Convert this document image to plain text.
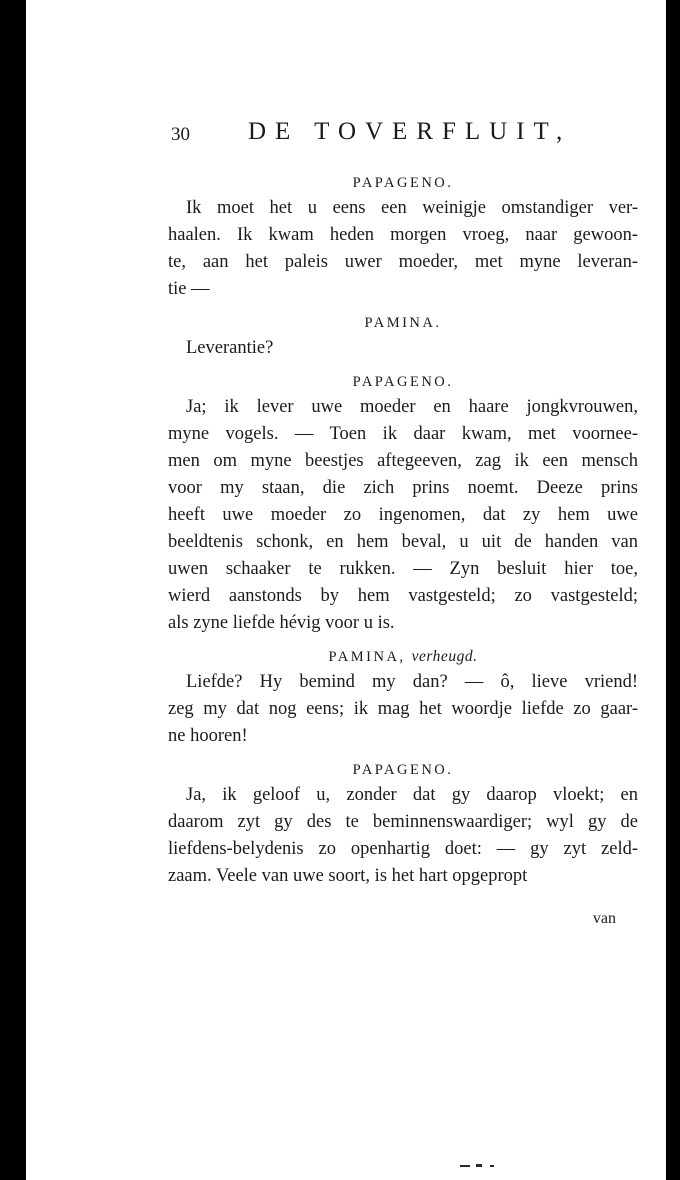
30 DE TOVERFLUIT,
PAPAGENO.
Ik moet het u eens een weinigje omstandiger ver-
haalen. Ik kwam heden morgen vroeg, naar gewoon-
te, aan het paleis uwer moeder, met myne leveran-
tie —
PAMINA.
Leverantie?
PAPAGENO.
Ja; ik lever uwe moeder en haare jongkvrouwen,
myne vogels. — Toen ik daar kwam, met voornee-
men om myne beestjes aftegeeven, zag ik een mensch
voor my staan, die zich prins noemt. Deeze prins
heeft uwe moeder zo ingenomen, dat zy hem uwe
beeldtenis schonk, en hem beval, u uit de handen van
uwen schaaker te rukken. — Zyn besluit hier toe,
wierd aanstonds by hem vastgesteld; zo vastgesteld;
als zyne liefde hévig voor u is.
PAMINA, verheugd.
Liefde? Hy bemind my dan? — ô, lieve vriend!
zeg my dat nog eens; ik mag het woordje liefde zo gaar-
ne hooren!
PAPAGENO.
Ja, ik geloof u, zonder dat gy daarop vloekt; en
daarom zyt gy des te beminnenswaardiger; wyl gy de
liefdens-belydenis zo openhartig doet: — gy zyt zeld-
zaam. Veele van uwe soort, is het hart opgepropt
van
